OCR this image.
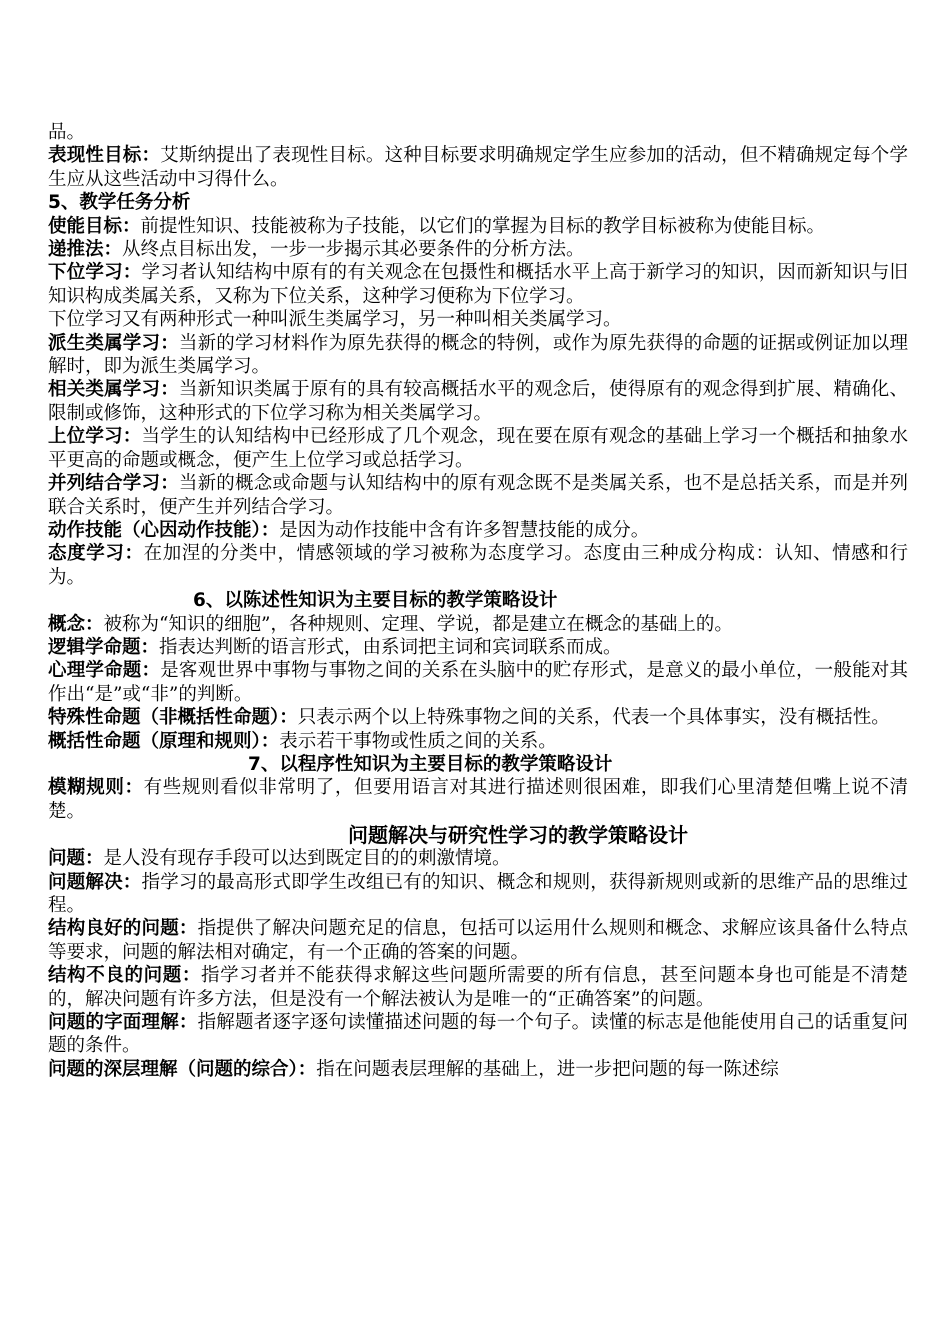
品。
表现性目标：艾斯纳提出了表现性目标。这种目标要求明确规定学生应参加的活动，但不精确规定每个学生应从这些活动中习得什么。
5、教学任务分析
使能目标：前提性知识、技能被称为子技能，以它们的掌握为目标的教学目标被称为使能目标。
递推法：从终点目标出发，一步一步揭示其必要条件的分析方法。
下位学习：学习者认知结构中原有的有关观念在包摄性和概括水平上高于新学习的知识，因而新知识与旧知识构成类属关系，又称为下位关系，这种学习便称为下位学习。
下位学习又有两种形式一种叫派生类属学习，另一种叫相关类属学习。
派生类属学习：当新的学习材料作为原先获得的概念的特例，或作为原先获得的命题的证据或例证加以理解时，即为派生类属学习。
相关类属学习：当新知识类属于原有的具有较高概括水平的观念后，使得原有的观念得到扩展、精确化、限制或修饰，这种形式的下位学习称为相关类属学习。
上位学习：当学生的认知结构中已经形成了几个观念，现在要在原有观念的基础上学习一个概括和抽象水平更高的命题或概念，便产生上位学习或总括学习。
并列结合学习：当新的概念或命题与认知结构中的原有观念既不是类属关系，也不是总括关系，而是并列联合关系时，便产生并列结合学习。
动作技能（心因动作技能）：是因为动作技能中含有许多智慧技能的成分。
态度学习：在加涅的分类中，情感领域的学习被称为态度学习。态度由三种成分构成：认知、情感和行为。
6、以陈述性知识为主要目标的教学策略设计
概念：被称为“知识的细胞”，各种规则、定理、学说，都是建立在概念的基础上的。
逻辑学命题：指表达判断的语言形式，由系词把主词和宾词联系而成。
心理学命题：是客观世界中事物与事物之间的关系在头脑中的贮存形式，是意义的最小单位，一般能对其作出“是”或“非”的判断。
特殊性命题（非概括性命题）：只表示两个以上特殊事物之间的关系，代表一个具体事实，没有概括性。
概括性命题（原理和规则）：表示若干事物或性质之间的关系。
7、以程序性知识为主要目标的教学策略设计
模糊规则：有些规则看似非常明了，但要用语言对其进行描述则很困难，即我们心里清楚但嘴上说不清楚。
问题解决与研究性学习的教学策略设计
问题：是人没有现存手段可以达到既定目的的刺激情境。
问题解决：指学习的最高形式即学生改组已有的知识、概念和规则，获得新规则或新的思维产品的思维过程。
结构良好的问题：指提供了解决问题充足的信息，包括可以运用什么规则和概念、求解应该具备什么特点等要求，问题的解法相对确定，有一个正确的答案的问题。
结构不良的问题：指学习者并不能获得求解这些问题所需要的所有信息，甚至问题本身也可能是不清楚的，解决问题有许多方法，但是没有一个解法被认为是唯一的“正确答案”的问题。
问题的字面理解：指解题者逐字逐句读懂描述问题的每一个句子。读懂的标志是他能使用自己的话重复问题的条件。
问题的深层理解（问题的综合）：指在问题表层理解的基础上，进一步把问题的每一陈述综
